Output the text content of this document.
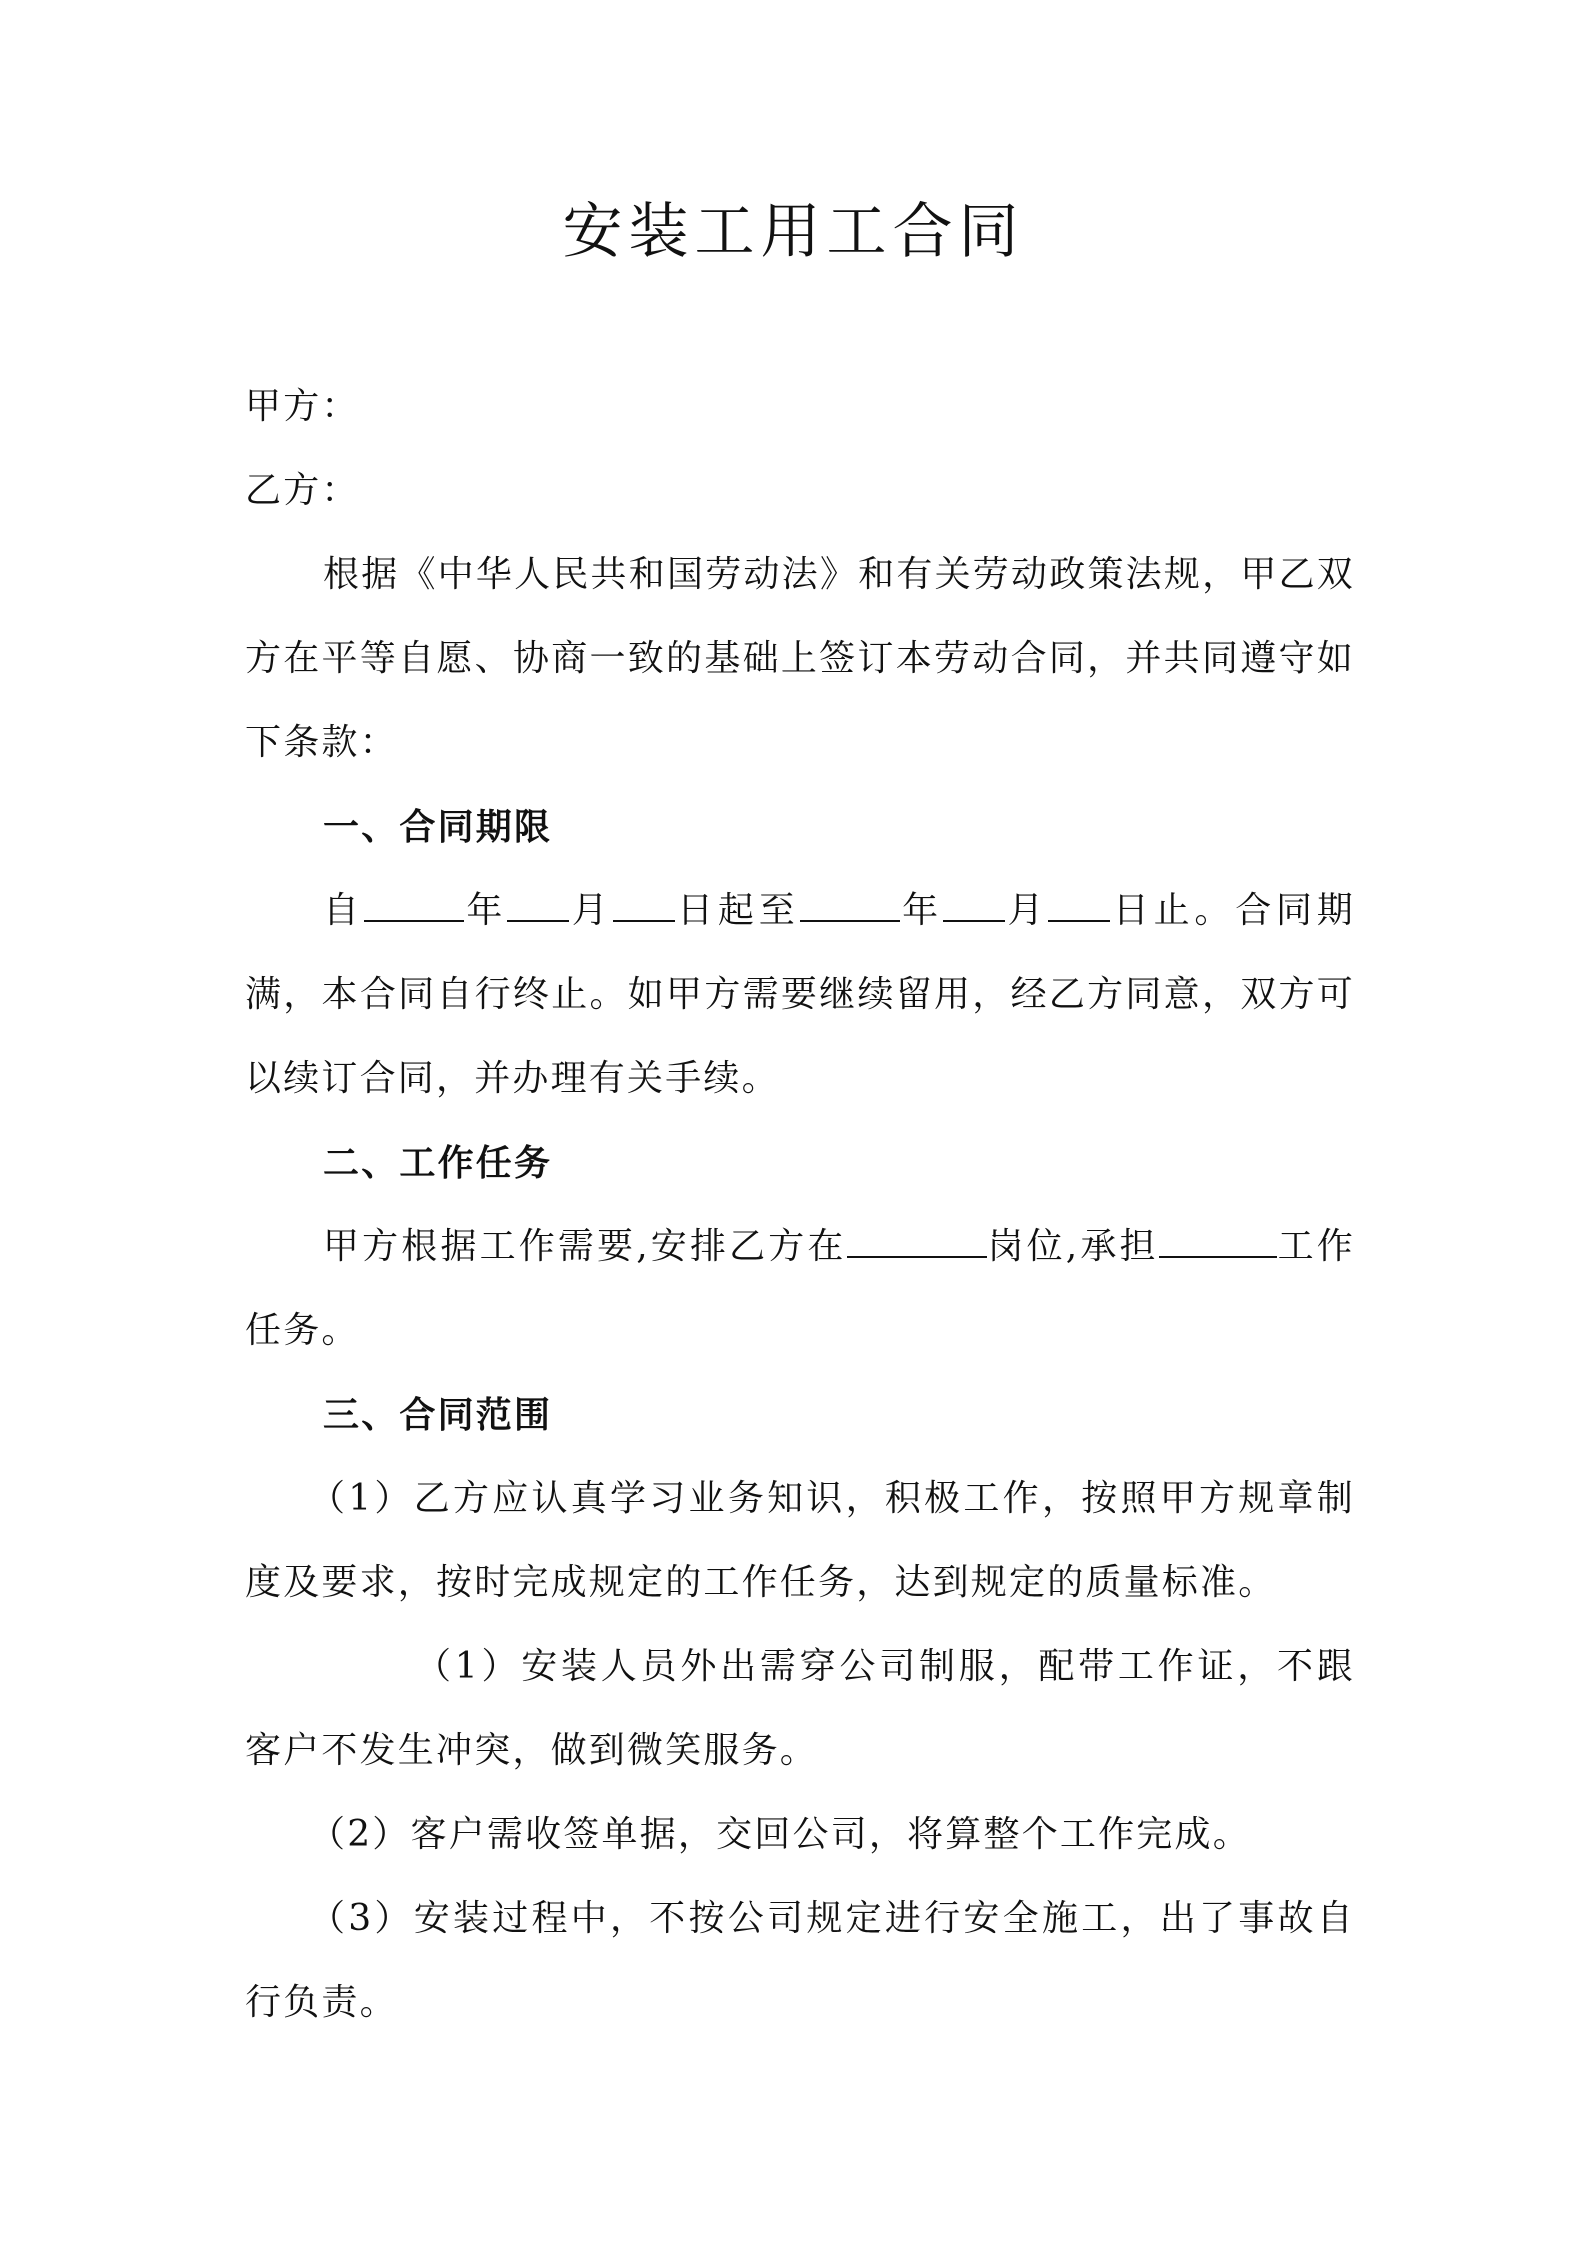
安装工用工合同

甲方：

乙方：

根据《中华人民共和国劳动法》和有关劳动政策法规，甲乙双方在平等自愿、协商一致的基础上签订本劳动合同，并共同遵守如下条款：

一、合同期限

自	年 月 日起至	年 月 日止。合同期满，本合同自行终止。如甲方需要继续留用，经乙方同意，双方可以续订合同，并办理有关手续。

二、工作任务

甲方根据工作需要,安排乙方在	岗位,承担	工作任务。

三、合同范围

（1）乙方应认真学习业务知识，积极工作，按照甲方规章制度及要求，按时完成规定的工作任务，达到规定的质量标准。

（1）安装人员外出需穿公司制服，配带工作证，不跟客户不发生冲突，做到微笑服务。

（2）客户需收签单据，交回公司，将算整个工作完成。

（3）安装过程中，不按公司规定进行安全施工，出了事故自行负责。
